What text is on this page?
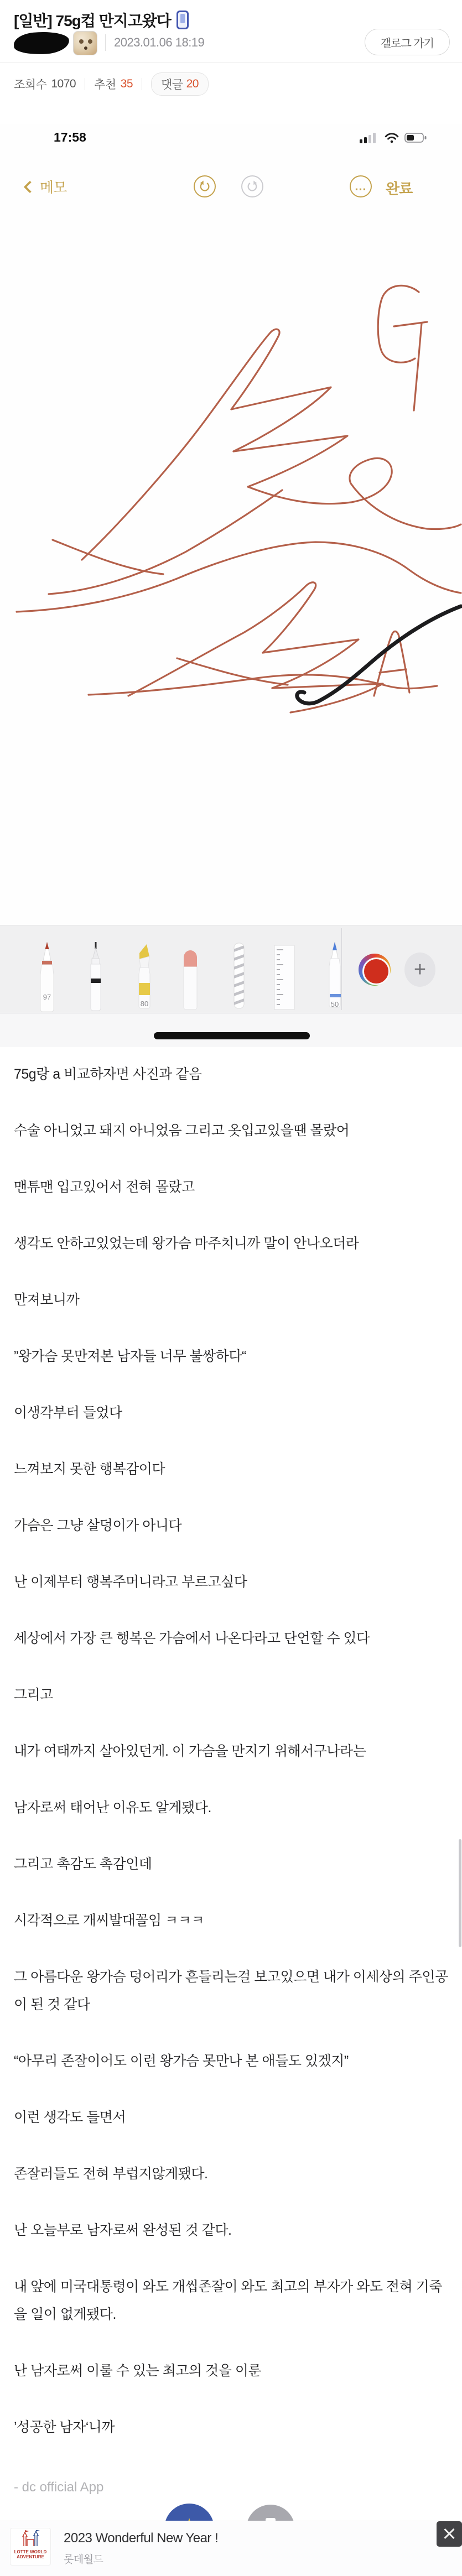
[일반] 75g컵 만지고왔다
2023.01.06 18:19	갤로그 가기
조회수 1070 추천 35 댓글 20
17:58
메모	… 완료
97
80	50
+

75g랑 a 비교하자면 사진과 같음

수술 아니었고 돼지 아니었음 그리고 옷입고있을땐 몰랐어

맨튜맨 입고있어서 전혀 몰랐고

생각도 안하고있었는데 왕가슴 마주치니까 말이 안나오더라

만져보니까

”왕가슴 못만져본 남자들 너무 불쌍하다“

이생각부터 들었다

느껴보지 못한 행복감이다

가슴은 그냥 살덩이가 아니다

난 이제부터 행복주머니라고 부르고싶다

세상에서 가장 큰 행복은 가슴에서 나온다라고 단언할 수 있다

그리고

내가 여태까지 살아있던게. 이 가슴을 만지기 위해서구나라는

남자로써 태어난 이유도 알게됐다.

그리고 촉감도 촉감인데

시각적으로 개씨발대꼴임 ㅋㅋㅋ

그 아름다운 왕가슴 덩어리가 흔들리는걸 보고있으면 내가 이세상의 주인공이 된 것 같다

“아무리 존잘이어도 이런 왕가슴 못만나 본 애들도 있겠지”

이런 생각도 들면서

존잘러들도 전혀 부럽지않게됐다.

난 오늘부로 남자로써 완성된 것 같다.

내 앞에 미국대통령이 와도 개씹존잘이 와도 최고의 부자가 와도 전혀 기죽을 일이 없게됐다.

난 남자로써 이룰 수 있는 최고의 것을 이룬

’성공한 남자‘니까

- dc official App
LOTTE WORLD
ADVENTURE
2023 Wonderful New Year !
롯데월드
